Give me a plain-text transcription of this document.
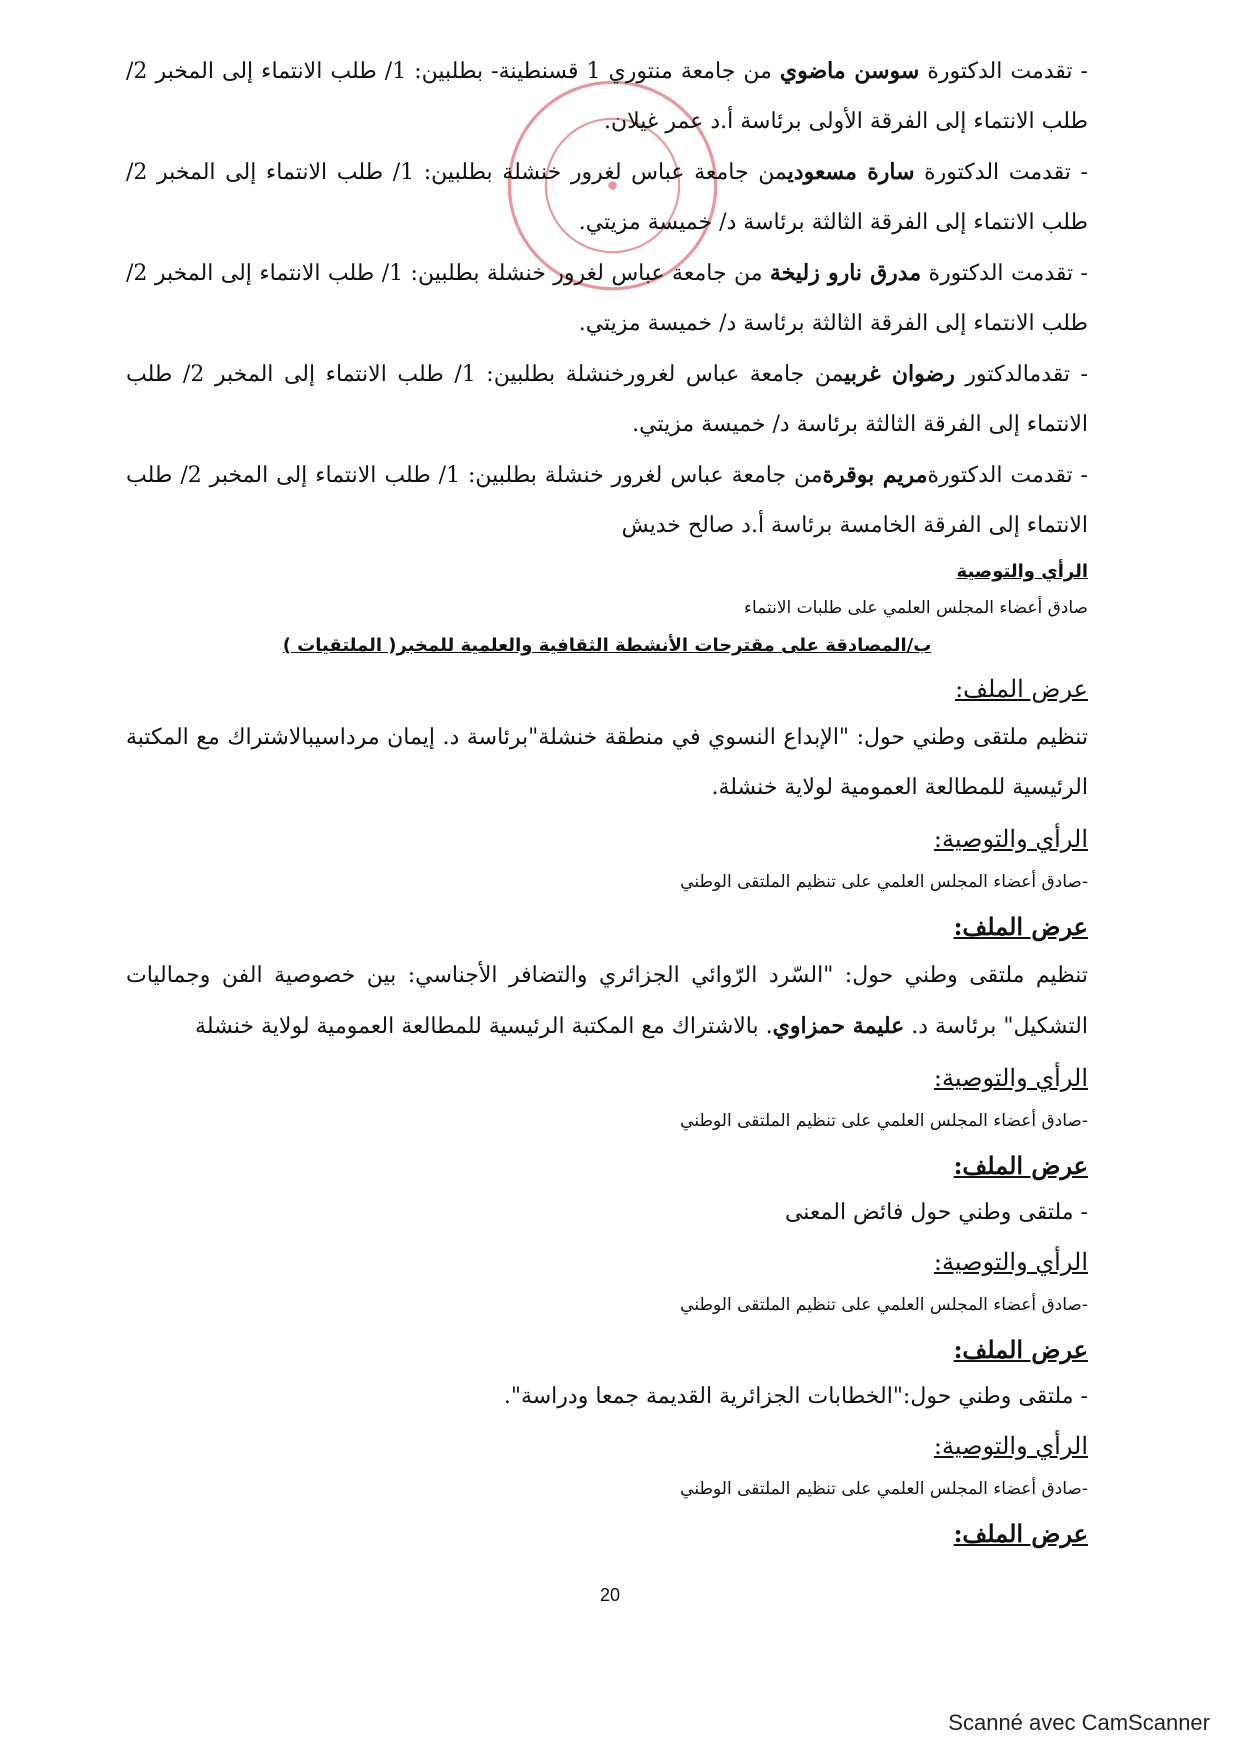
- تقدمت الدكتورة سوسن ماضوي من جامعة منتوري 1 قسنطينة- بطلبين: 1/ طلب الانتماء إلى المخبر 2/ طلب الانتماء إلى الفرقة الأولى برئاسة أ.د عمر غيلان.

- تقدمت الدكتورة سارة مسعوديمن جامعة عباس لغرور خنشلة بطلبين: 1/ طلب الانتماء إلى المخبر 2/ طلب الانتماء إلى الفرقة الثالثة برئاسة د/ خميسة مزيتي.

- تقدمت الدكتورة مدرق نارو زليخة من جامعة عباس لغرور خنشلة بطلبين: 1/ طلب الانتماء إلى المخبر 2/ طلب الانتماء إلى الفرقة الثالثة برئاسة د/ خميسة مزيتي.

- تقدمالدكتور رضوان غربيمن جامعة عباس لغرورخنشلة بطلبين: 1/ طلب الانتماء إلى المخبر 2/ طلب الانتماء إلى الفرقة الثالثة برئاسة د/ خميسة مزيتي.

- تقدمت الدكتورةمريم بوقرةمن جامعة عباس لغرور خنشلة بطلبين: 1/ طلب الانتماء إلى المخبر 2/ طلب الانتماء إلى الفرقة الخامسة برئاسة أ.د صالح خديش

الرأي والتوصية
صادق أعضاء المجلس العلمي على طلبات الانتماء
ب/المصادقة على مقترحات الأنشطة الثقافية والعلمية للمخبر( الملتقيات )
عرض الملف:

تنظيم ملتقى وطني حول: "الإبداع النسوي في منطقة خنشلة"برئاسة د. إيمان مرداسيبالاشتراك مع المكتبة الرئيسية للمطالعة العمومية لولاية خنشلة.

الرأي والتوصية:
-صادق أعضاء المجلس العلمي على تنظيم الملتقى الوطني
عرض الملف:

تنظيم ملتقى وطني حول: "السّرد الرّوائي الجزائري والتضافر الأجناسي: بين خصوصية الفن وجماليات التشكيل" برئاسة د. عليمة حمزاوي. بالاشتراك مع المكتبة الرئيسية للمطالعة العمومية لولاية خنشلة

الرأي والتوصية:
-صادق أعضاء المجلس العلمي على تنظيم الملتقى الوطني
عرض الملف:
- ملتقى وطني حول فائض المعنى
الرأي والتوصية:
-صادق أعضاء المجلس العلمي على تنظيم الملتقى الوطني
عرض الملف:
- ملتقى وطني حول:"الخطابات الجزائرية القديمة جمعا ودراسة".
الرأي والتوصية:
-صادق أعضاء المجلس العلمي على تنظيم الملتقى الوطني
عرض الملف:
20
Scanné avec CamScanner
